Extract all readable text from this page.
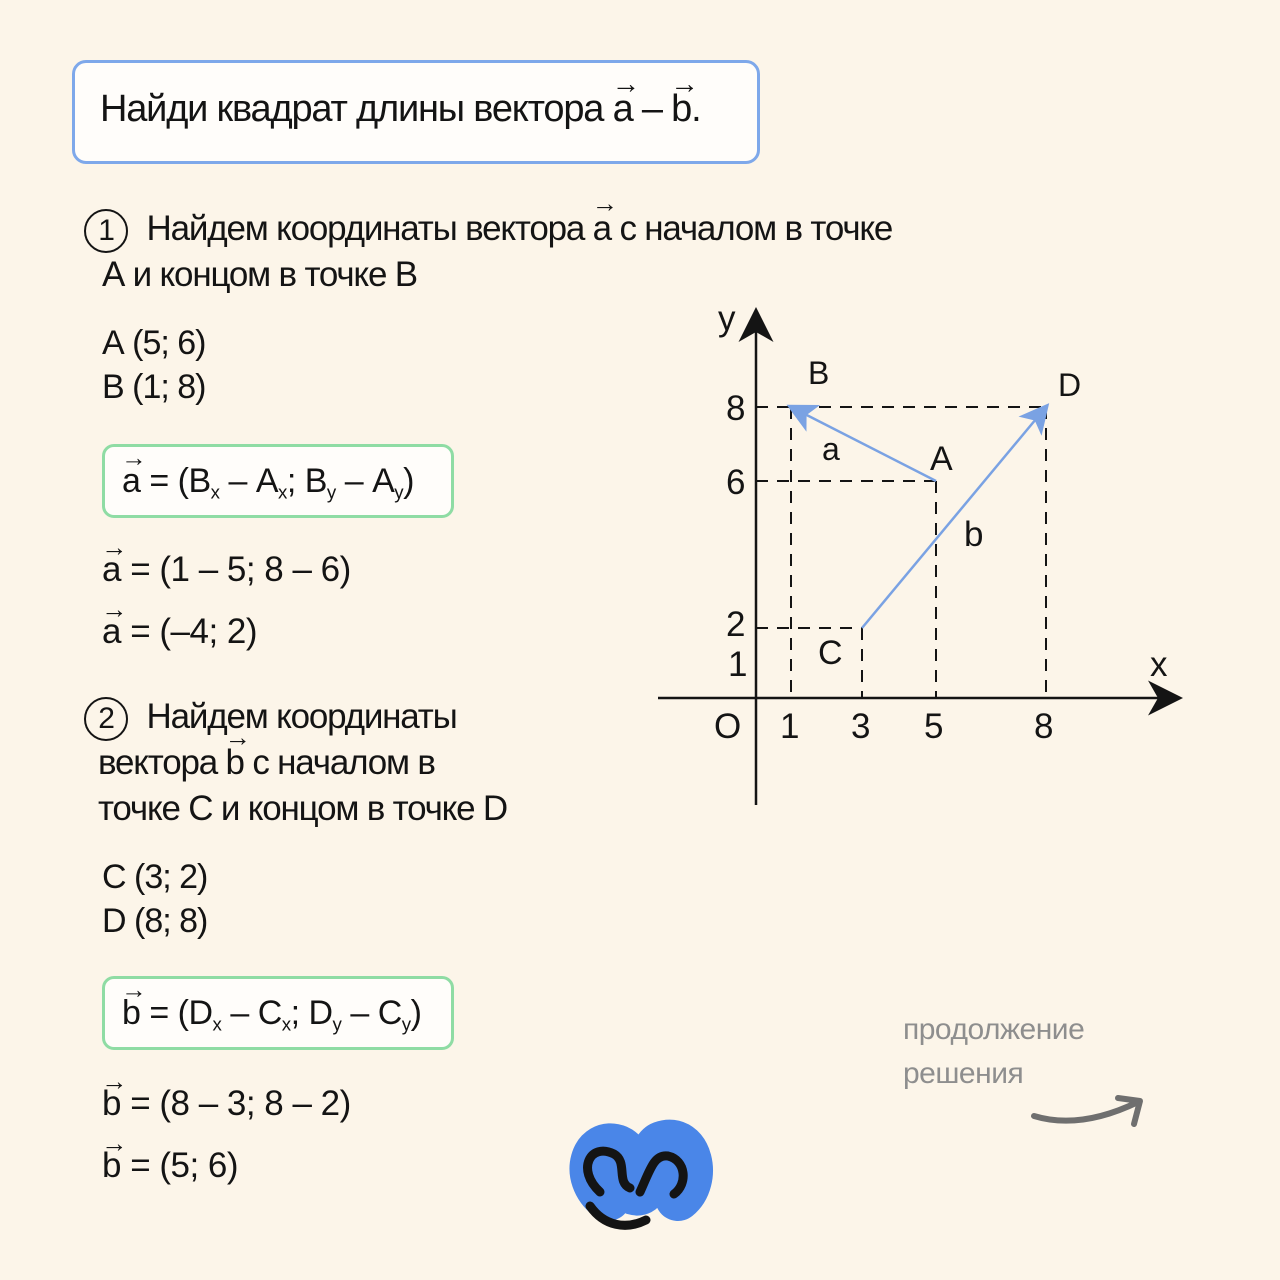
Найди квадрат длины вектора → a – → b.
1 Найдем координаты вектора → a с началом в точке
А и концом в точке В
А (5; 6)
В (1; 8)
→ $a = (В_x - А_x$; $В_y - А_y$)
→ a = (1 – 5; 8 – 6)
→ a = (–4; 2)
2 Найдем координаты
вектора → b с началом в
точке С и концом в точке D
С (3; 2)
D (8; 8)
→ $b = (D_x - C_x$; $D_y - C_y$)
→ b = (8 – 3; 8 – 2)
→ b = (5; 6)
y
x
O 1 3 5	8
8
6
2
1
B	D
A
C
a
b
продолжение
решения
